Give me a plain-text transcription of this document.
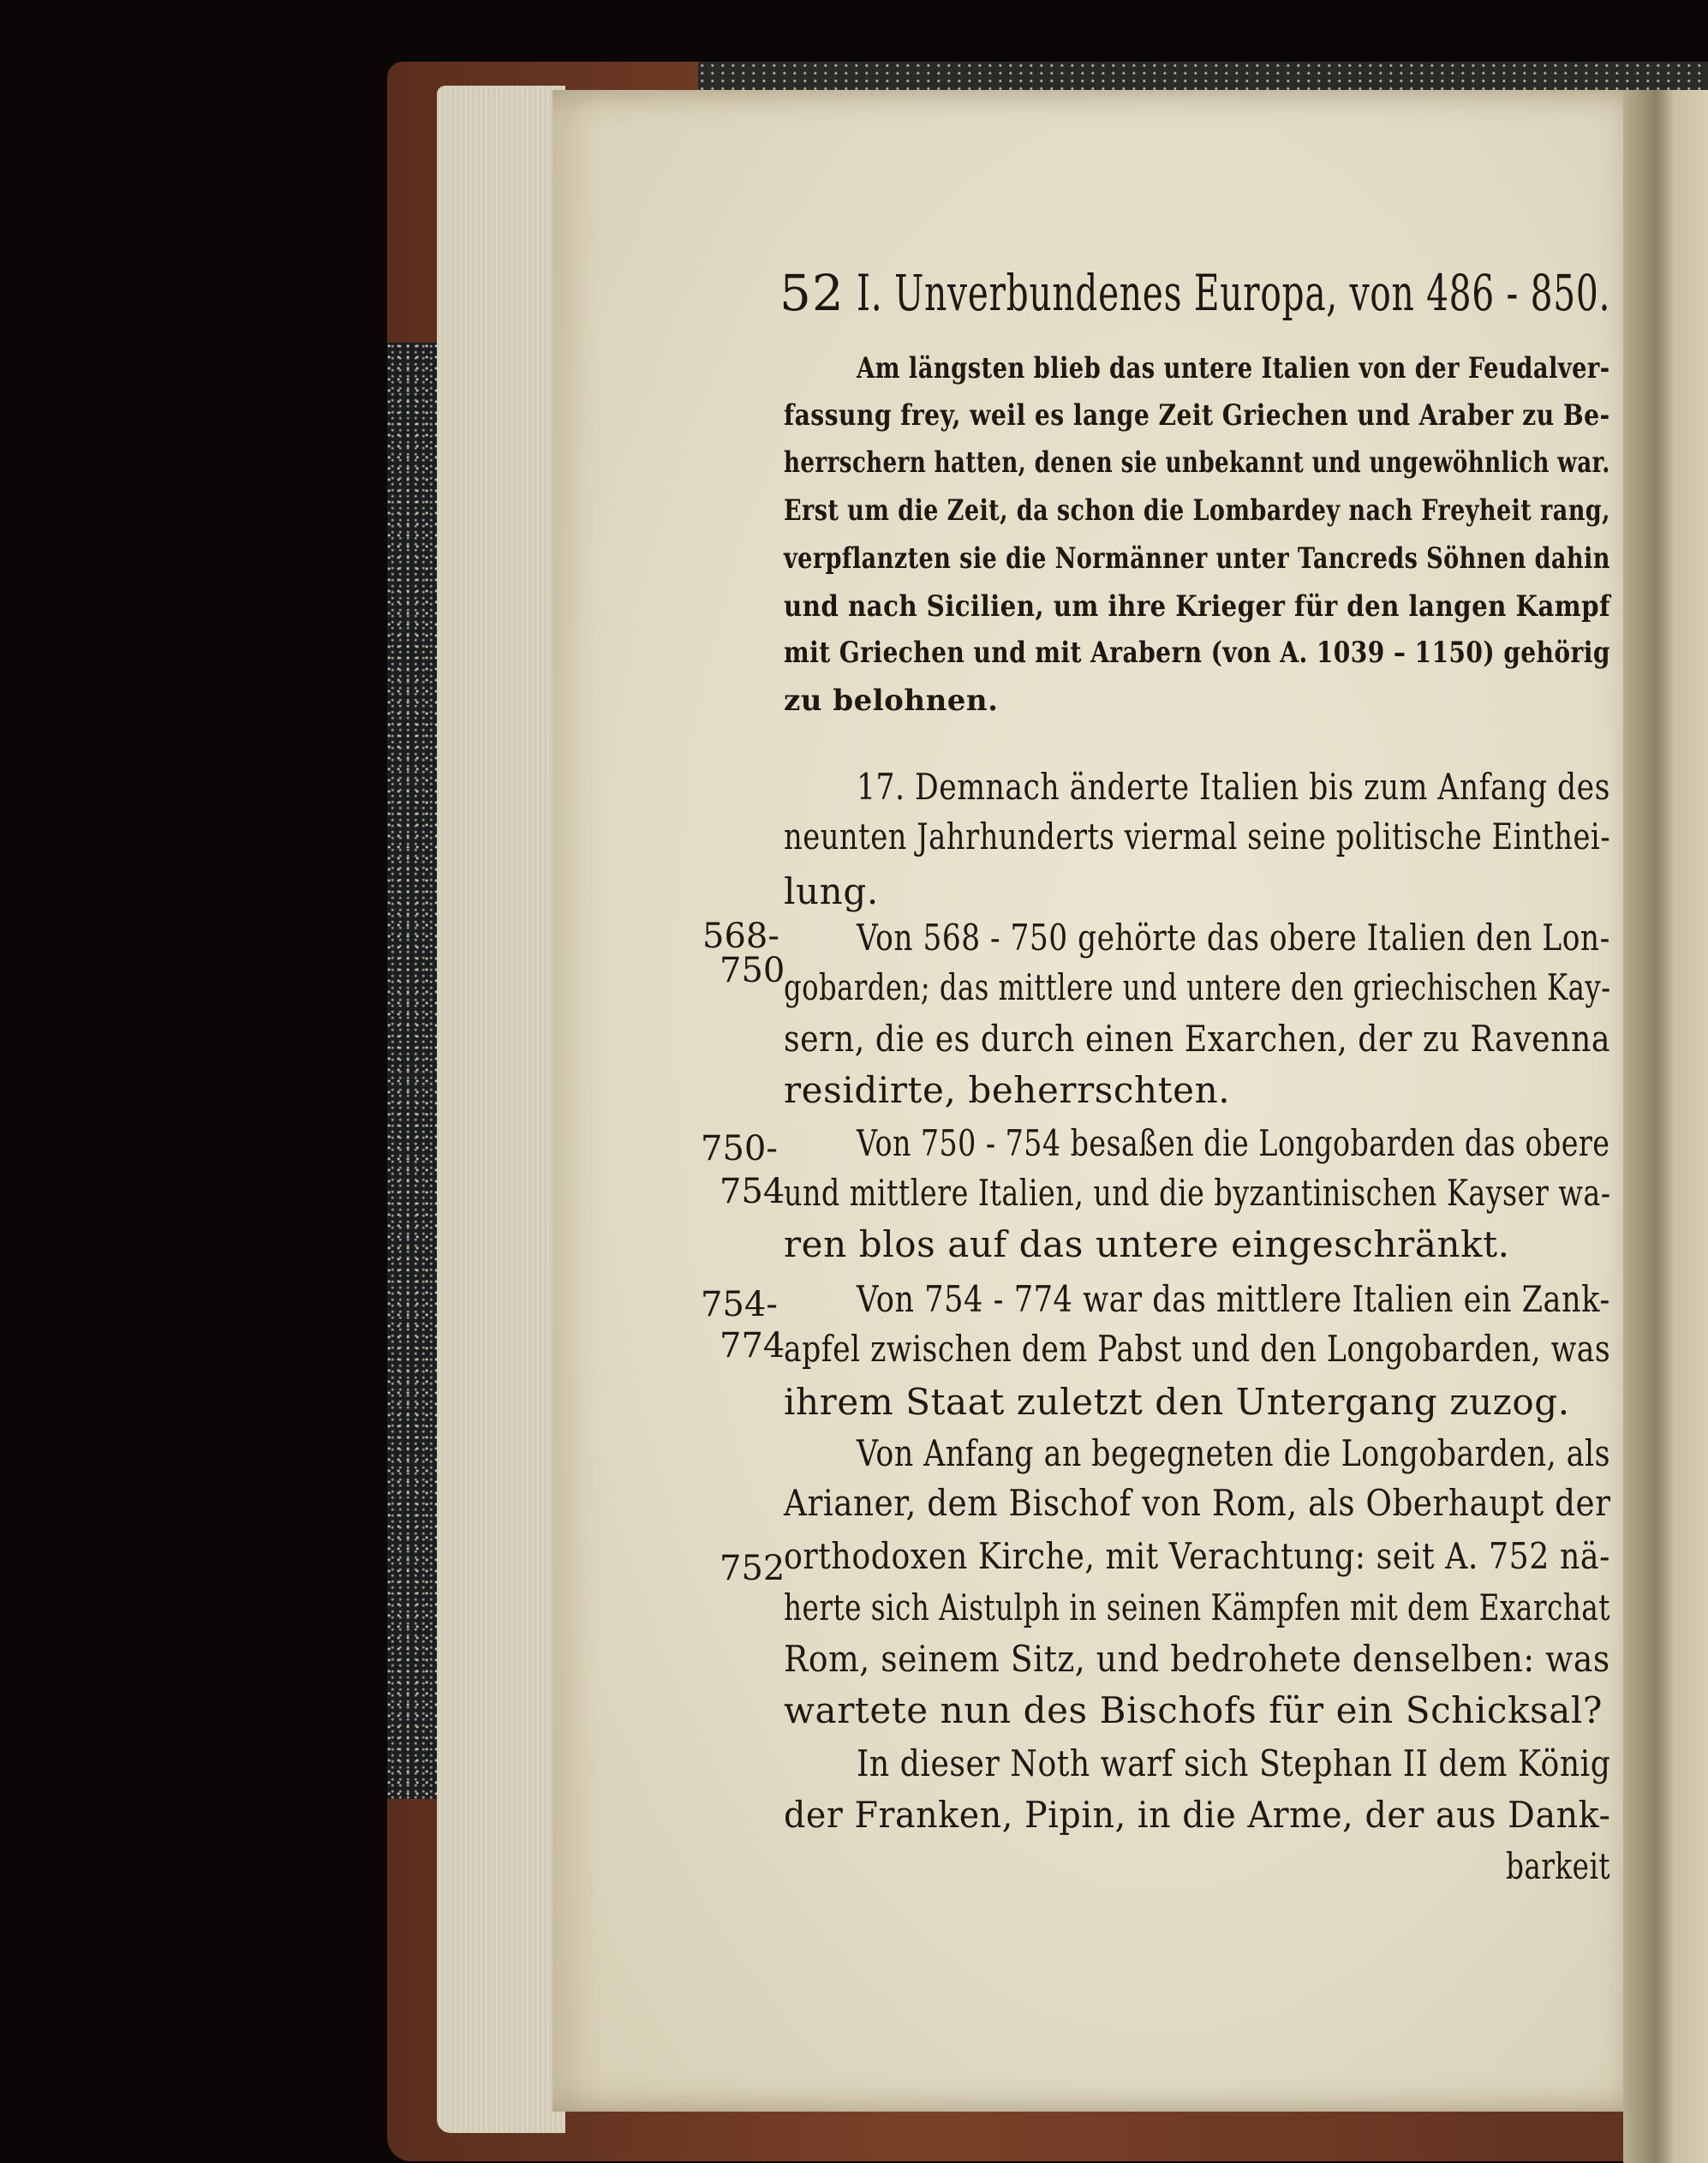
52 I. Unverbundenes Europa, von 486 - 850.
Am längsten blieb das untere Italien von der Feudalver-
fassung frey, weil es lange Zeit Griechen und Araber zu Be-
herrschern hatten, denen sie unbekannt und ungewöhnlich war.
Erst um die Zeit, da schon die Lombardey nach Freyheit rang,
verpflanzten sie die Normänner unter Tancreds Söhnen dahin
und nach Sicilien, um ihre Krieger für den langen Kampf
mit Griechen und mit Arabern (von A. 1039 – 1150) gehörig
zu belohnen.
17. Demnach änderte Italien bis zum Anfang des
neunten Jahrhunderts viermal seine politische Einthei-
lung.
568-
750
Von 568 - 750 gehörte das obere Italien den Lon-
gobarden; das mittlere und untere den griechischen Kay-
sern, die es durch einen Exarchen, der zu Ravenna
residirte, beherrschten.
750-
754
Von 750 - 754 besaßen die Longobarden das obere
und mittlere Italien, und die byzantinischen Kayser wa-
ren blos auf das untere eingeschränkt.
754-
774
Von 754 - 774 war das mittlere Italien ein Zank-
apfel zwischen dem Pabst und den Longobarden, was
ihrem Staat zuletzt den Untergang zuzog.
Von Anfang an begegneten die Longobarden, als
Arianer, dem Bischof von Rom, als Oberhaupt der
752
orthodoxen Kirche, mit Verachtung: seit A. 752 nä-
herte sich Aistulph in seinen Kämpfen mit dem Exarchat
Rom, seinem Sitz, und bedrohete denselben: was
wartete nun des Bischofs für ein Schicksal?
In dieser Noth warf sich Stephan II dem König
der Franken, Pipin, in die Arme, der aus Dank-
barkeit
